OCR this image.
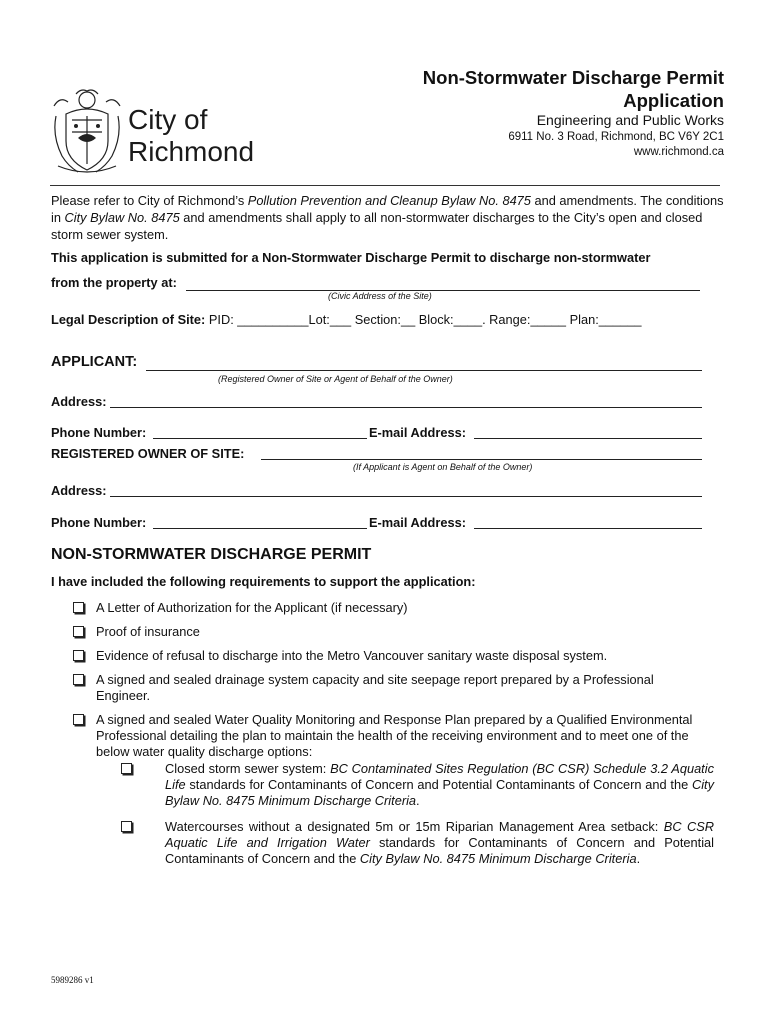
City of
Richmond
Non-Stormwater Discharge Permit
Application
Engineering and Public Works
6911 No. 3 Road, Richmond, BC V6Y 2C1
www.richmond.ca
Please refer to City of Richmond’s Pollution Prevention and Cleanup Bylaw No. 8475 and amendments. The conditions in City Bylaw No. 8475 and amendments shall apply to all non-stormwater discharges to the City’s open and closed storm sewer system.
This application is submitted for a Non-Stormwater Discharge Permit to discharge non-stormwater
from the property at:
(Civic Address of the Site)
Legal Description of Site: PID: __________Lot:___ Section:__ Block:____. Range:_____ Plan:______
APPLICANT:
(Registered Owner of Site or Agent of Behalf of the Owner)
Address:
Phone Number:	E-mail Address:
REGISTERED OWNER OF SITE:
(If Applicant is Agent on Behalf of the Owner)
Address:
Phone Number:	E-mail Address:
NON-STORMWATER DISCHARGE PERMIT
I have included the following requirements to support the application:
A Letter of Authorization for the Applicant (if necessary)
Proof of insurance
Evidence of refusal to discharge into the Metro Vancouver sanitary waste disposal system.
A signed and sealed drainage system capacity and site seepage report prepared by a Professional Engineer.
A signed and sealed Water Quality Monitoring and Response Plan prepared by a Qualified Environmental Professional detailing the plan to maintain the health of the receiving environment and to meet one of the below water quality discharge options:
Closed storm sewer system: BC Contaminated Sites Regulation (BC CSR) Schedule 3.2 Aquatic Life standards for Contaminants of Concern and Potential Contaminants of Concern and the City Bylaw No. 8475 Minimum Discharge Criteria.
Watercourses without a designated 5m or 15m Riparian Management Area setback: BC CSR Aquatic Life and Irrigation Water standards for Contaminants of Concern and Potential Contaminants of Concern and the City Bylaw No. 8475 Minimum Discharge Criteria.
5989286 v1
